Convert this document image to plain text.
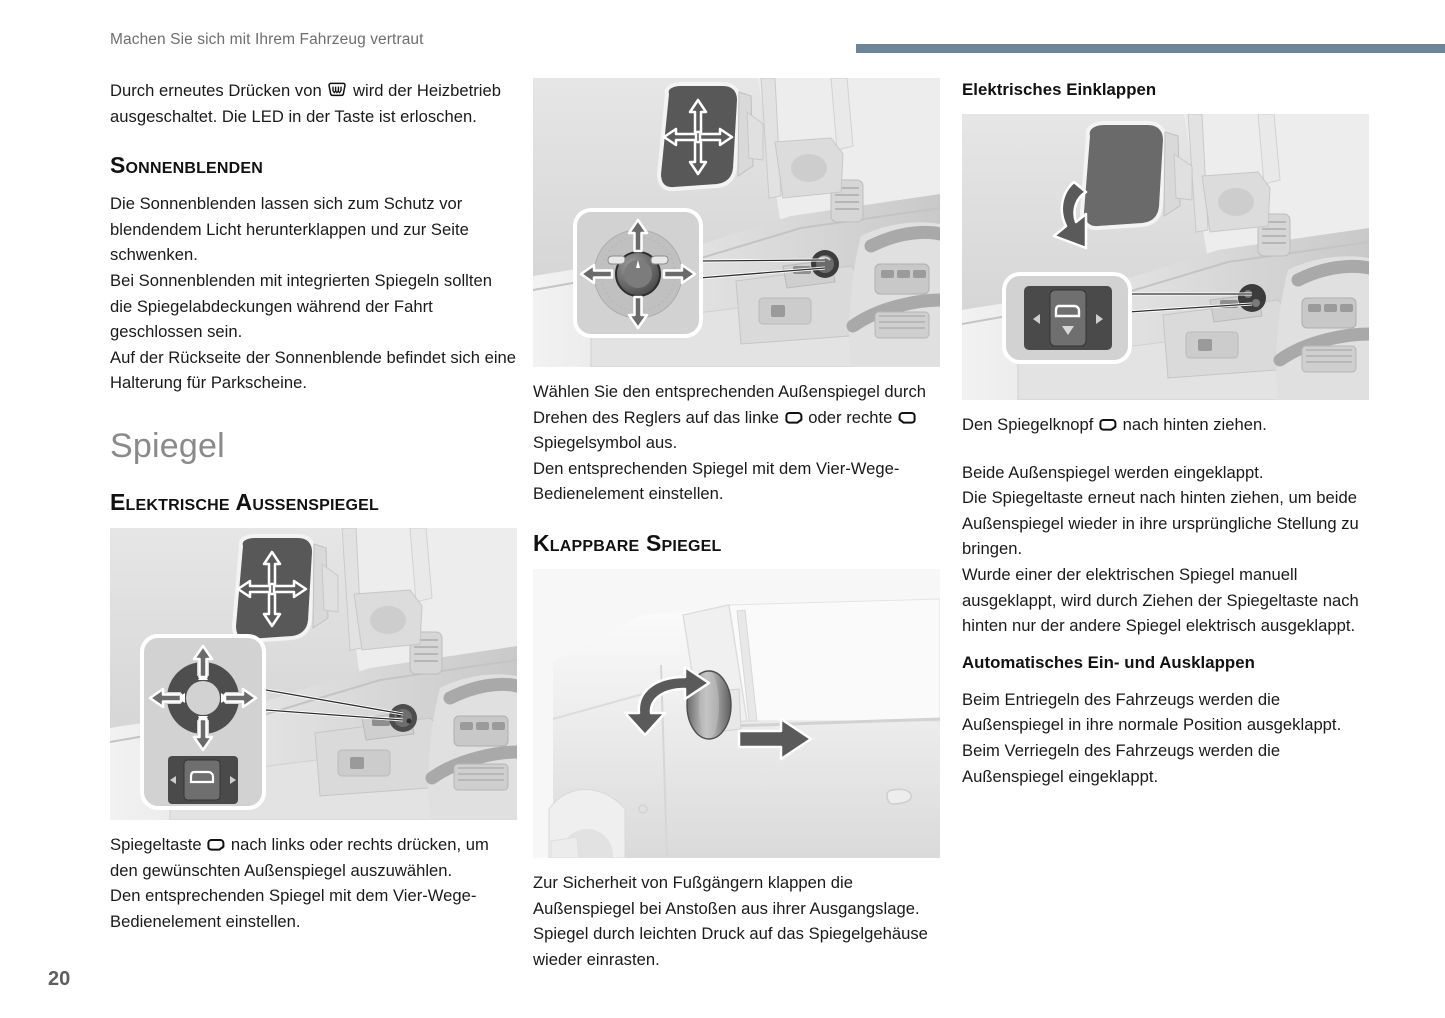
Machen Sie sich mit Ihrem Fahrzeug vertraut
20

Durch erneutes Drücken von
wird der Heizbetrieb ausgeschaltet. Die LED in der Taste ist erloschen.

Sonnenblenden

Die Sonnenblenden lassen sich zum Schutz vor blendendem Licht herunterklappen und zur Seite schwenken.

Bei Sonnenblenden mit integrierten Spiegeln sollten die Spiegelabdeckungen während der Fahrt geschlossen sein.

Auf der Rückseite der Sonnenblende befindet sich eine Halterung für Parkscheine.

Spiegel
Elektrische Außenspiegel

Spiegeltaste
nach links oder rechts drücken, um den gewünschten Außenspiegel auszuwählen.

Den entsprechenden Spiegel mit dem Vier-Wege-Bedienelement einstellen.

Wählen Sie den entsprechenden Außenspiegel durch Drehen des Reglers auf das linke
oder rechte
Spiegelsymbol aus.

Den entsprechenden Spiegel mit dem Vier-Wege-Bedienelement einstellen.

Klappbare Spiegel

Zur Sicherheit von Fußgängern klappen die Außenspiegel bei Anstoßen aus ihrer Ausgangslage. Spiegel durch leichten Druck auf das Spiegelgehäuse wieder einrasten.

Elektrisches Einklappen

Den Spiegelknopf
nach hinten ziehen.

Beide Außenspiegel werden eingeklappt.

Die Spiegeltaste erneut nach hinten ziehen, um beide Außenspiegel wieder in ihre ursprüngliche Stellung zu bringen.

Wurde einer der elektrischen Spiegel manuell ausgeklappt, wird durch Ziehen der Spiegeltaste nach hinten nur der andere Spiegel elektrisch ausgeklappt.

Automatisches Ein- und Ausklappen

Beim Entriegeln des Fahrzeugs werden die Außenspiegel in ihre normale Position ausgeklappt. Beim Verriegeln des Fahrzeugs werden die Außenspiegel eingeklappt.
